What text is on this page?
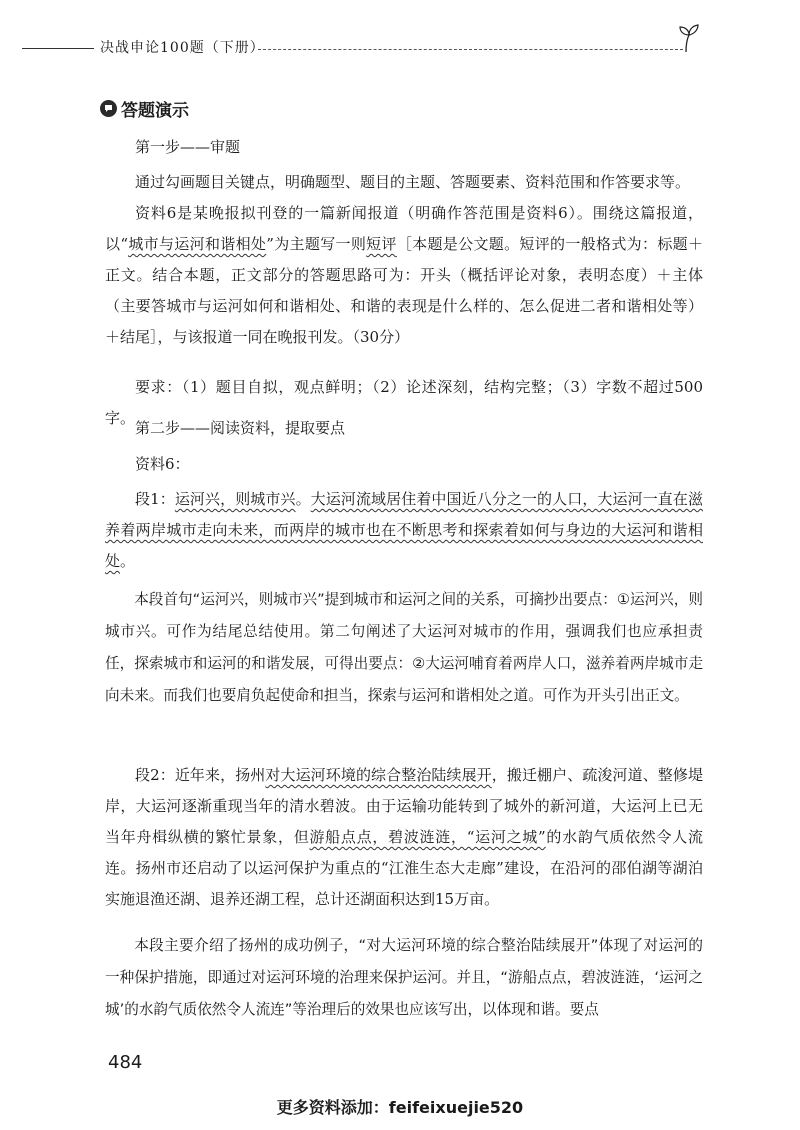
决战申论100题（下册）
答题演示
第一步——审题
通过勾画题目关键点，明确题型、题目的主题、答题要素、资料范围和作答要求等。
资料6是某晚报拟刊登的一篇新闻报道（明确作答范围是资料6）。围绕这篇报道，以“城市与运河和谐相处”为主题写一则短评［本题是公文题。短评的一般格式为：标题＋正文。结合本题，正文部分的答题思路可为：开头（概括评论对象，表明态度）＋主体（主要答城市与运河如何和谐相处、和谐的表现是什么样的、怎么促进二者和谐相处等）＋结尾］，与该报道一同在晚报刊发。（30分）
要求：（1）题目自拟，观点鲜明；（2）论述深刻，结构完整；（3）字数不超过500字。
第二步——阅读资料，提取要点
资料6：
段1：运河兴，则城市兴。大运河流域居住着中国近八分之一的人口，大运河一直在滋养着两岸城市走向未来，而两岸的城市也在不断思考和探索着如何与身边的大运河和谐相处。
本段首句“运河兴，则城市兴”提到城市和运河之间的关系，可摘抄出要点：①运河兴，则城市兴。可作为结尾总结使用。第二句阐述了大运河对城市的作用，强调我们也应承担责任，探索城市和运河的和谐发展，可得出要点：②大运河哺育着两岸人口，滋养着两岸城市走向未来。而我们也要肩负起使命和担当，探索与运河和谐相处之道。可作为开头引出正文。
段2：近年来，扬州对大运河环境的综合整治陆续展开，搬迁棚户、疏浚河道、整修堤岸，大运河逐渐重现当年的清水碧波。由于运输功能转到了城外的新河道，大运河上已无当年舟楫纵横的繁忙景象，但游船点点，碧波涟涟，“运河之城”的水韵气质依然令人流连。扬州市还启动了以运河保护为重点的“江淮生态大走廊”建设，在沿河的邵伯湖等湖泊实施退渔还湖、退养还湖工程，总计还湖面积达到15万亩。
本段主要介绍了扬州的成功例子，“对大运河环境的综合整治陆续展开”体现了对运河的一种保护措施，即通过对运河环境的治理来保护运河。并且，“游船点点，碧波涟涟，‘运河之城’的水韵气质依然令人流连”等治理后的效果也应该写出，以体现和谐。要点
484
更多资料添加：feifeixuejie520
